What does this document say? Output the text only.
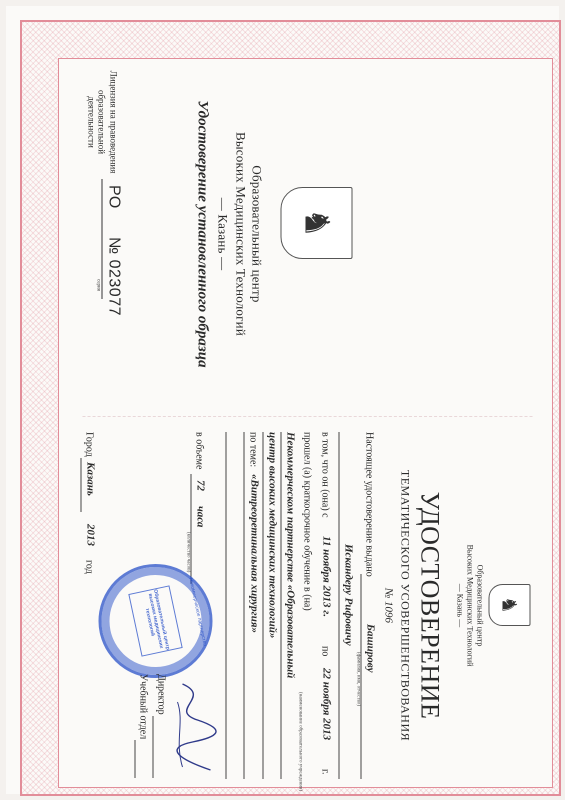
♞
Образовательный центр
Высоких Медицинских Технологий
— Казань —
Удостоверение установленного образца
Лицензия на правоведения
образовательной деятельности
РО
№ 023077
серия
♞
Образовательный центр
Высоких Медицинских Технологий
— Казань —
УДОСТОВЕРЕНИЕ
ТЕМАТИЧЕСКОГО УСОВЕРШЕНСТВОВАНИЯ
№ 1096
Настоящее удостоверение выдано
Баширову
(фамилия, имя, отчество)
Искандеру Рифовичу
в том, что он (она) с
11 ноября 2013 г.
по
22 ноября 2013
г.
прошел (а) краткосрочное обучение в (на)
Некоммерческом партнерстве «Образовательный
(наименование образовательного учреждения)
центр высоких медицинских технологий»
по теме:
«Витреоретинальная хирургия»
в объеме
72
часа
(количество часов)
Некоммерческое партнерство
Образовательный центр высоких медицинских технологий
Директор
Учебный отдел
Город
Казань
2013
год
